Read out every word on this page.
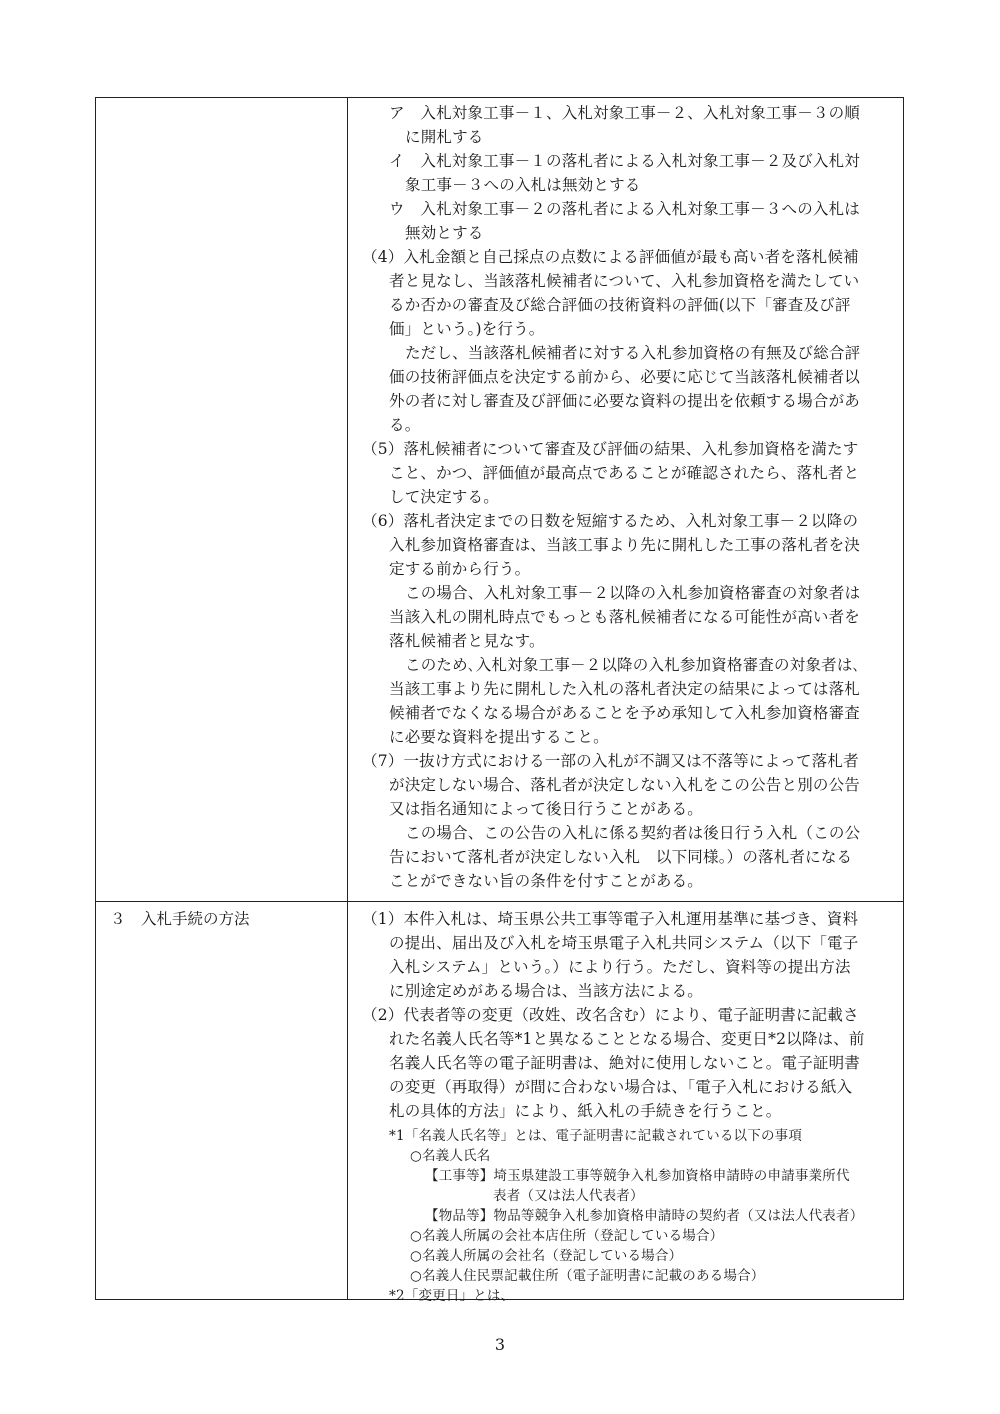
ア　入札対象工事－１、入札対象工事－２、入札対象工事－３の順
に開札する
イ　入札対象工事－１の落札者による入札対象工事－２及び入札対
象工事－３への入札は無効とする
ウ　入札対象工事－２の落札者による入札対象工事－３への入札は
無効とする
（4）入札金額と自己採点の点数による評価値が最も高い者を落札候補
者と見なし、当該落札候補者について、入札参加資格を満たしてい
るか否かの審査及び総合評価の技術資料の評価(以下「審査及び評
価」という。)を行う。
ただし、当該落札候補者に対する入札参加資格の有無及び総合評
価の技術評価点を決定する前から、必要に応じて当該落札候補者以
外の者に対し審査及び評価に必要な資料の提出を依頼する場合があ
る。
（5）落札候補者について審査及び評価の結果、入札参加資格を満たす
こと、かつ、評価値が最高点であることが確認されたら、落札者と
して決定する。
（6）落札者決定までの日数を短縮するため、入札対象工事－２以降の
入札参加資格審査は、当該工事より先に開札した工事の落札者を決
定する前から行う。
この場合、入札対象工事－２以降の入札参加資格審査の対象者は
当該入札の開札時点でもっとも落札候補者になる可能性が高い者を
落札候補者と見なす。
このため､入札対象工事－２以降の入札参加資格審査の対象者は､
当該工事より先に開札した入札の落札者決定の結果によっては落札
候補者でなくなる場合があることを予め承知して入札参加資格審査
に必要な資料を提出すること。
（7）一抜け方式における一部の入札が不調又は不落等によって落札者
が決定しない場合、落札者が決定しない入札をこの公告と別の公告
又は指名通知によって後日行うことがある。
この場合、この公告の入札に係る契約者は後日行う入札（この公
告において落札者が決定しない入札　以下同様。）の落札者になる
ことができない旨の条件を付すことがある。
３　入札手続の方法	（1）本件入札は、埼玉県公共工事等電子入札運用基準に基づき、資料
の提出、届出及び入札を埼玉県電子入札共同システム（以下「電子
入札システム」という。）により行う。ただし、資料等の提出方法
に別途定めがある場合は、当該方法による。
（2）代表者等の変更（改姓、改名含む）により、電子証明書に記載さ
れた名義人氏名等*1と異なることとなる場合、変更日*2以降は、前
名義人氏名等の電子証明書は、絶対に使用しないこと。電子証明書
の変更（再取得）が間に合わない場合は、「電子入札における紙入
札の具体的方法」により、紙入札の手続きを行うこと。
*1「名義人氏名等」とは、電子証明書に記載されている以下の事項
○名義人氏名
【工事等】埼玉県建設工事等競争入札参加資格申請時の申請事業所代
表者（又は法人代表者）
【物品等】物品等競争入札参加資格申請時の契約者（又は法人代表者）
○名義人所属の会社本店住所（登記している場合）
○名義人所属の会社名（登記している場合）
○名義人住民票記載住所（電子証明書に記載のある場合）
*2「変更日」とは、
3
